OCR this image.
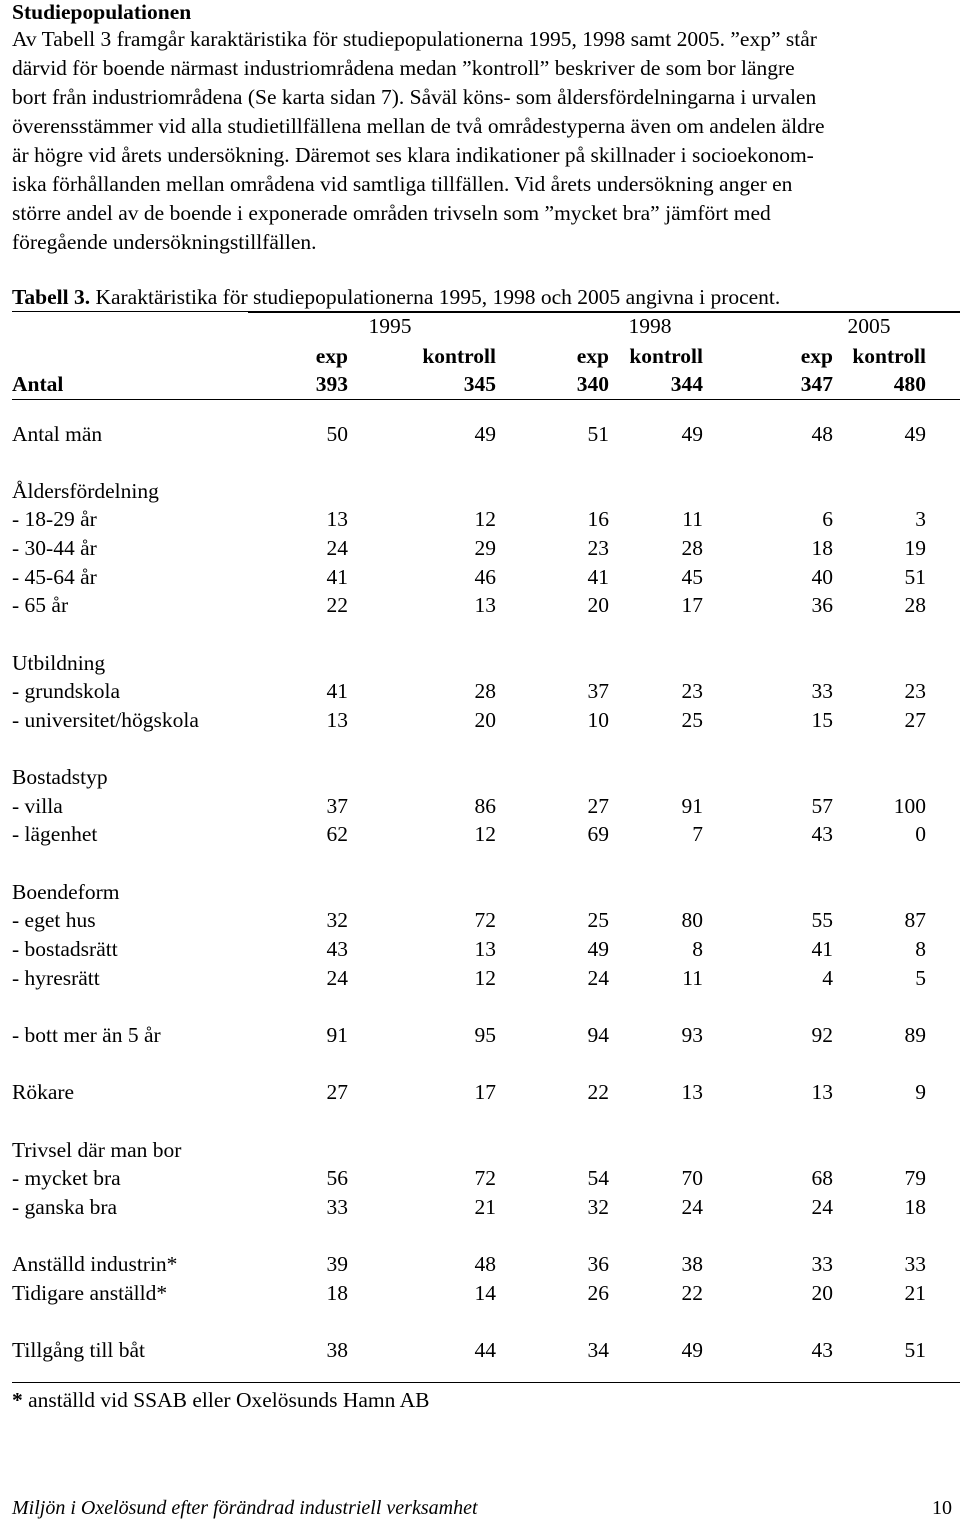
Studiepopulationen
Av Tabell 3 framgår karaktäristika för studiepopulationerna 1995, 1998 samt 2005. ”exp” står
därvid för boende närmast industriområdena medan ”kontroll” beskriver de som bor längre
bort från industriområdena (Se karta sidan 7). Såväl köns- som åldersfördelningarna i urvalen
överensstämmer vid alla studietillfällena mellan de två områdestyperna även om andelen äldre
är högre vid årets undersökning. Däremot ses klara indikationer på skillnader i socioekonom-
iska förhållanden mellan områdena vid samtliga tillfällen. Vid årets undersökning anger en
större andel av de boende i exponerade områden trivseln som ”mycket bra” jämfört med
föregående undersökningstillfällen.

Tabell 3. Karaktäristika för studiepopulationerna 1995, 1998 och 2005 angivna i procent.

1995	1998	2005
exp	kontroll	exp kontroll	exp kontroll
Antal	393	345	340	344	347	480
Antal män	50	49	51	49	48	49
Åldersfördelning
- 18-29 år	13	12	16	11	6	3
- 30-44 år	24	29	23	28	18	19
- 45-64 år	41	46	41	45	40	51
- 65 år	22	13	20	17	36	28
Utbildning
- grundskola	41	28	37	23	33	23
- universitet/högskola	13	20	10	25	15	27
Bostadstyp
- villa	37	86	27	91	57	100
- lägenhet	62	12	69	7	43	0
Boendeform
- eget hus	32	72	25	80	55	87
- bostadsrätt	43	13	49	8	41	8
- hyresrätt	24	12	24	11	4	5
- bott mer än 5 år	91	95	94	93	92	89
Rökare	27	17	22	13	13	9
Trivsel där man bor
- mycket bra	56	72	54	70	68	79
- ganska bra	33	21	32	24	24	18
Anställd industrin*	39	48	36	38	33	33
Tidigare anställd*	18	14	26	22	20	21
Tillgång till båt	38	44	34	49	43	51
* anställd vid SSAB eller Oxelösunds Hamn AB
Miljön i Oxelösund efter förändrad industriell verksamhet	10
